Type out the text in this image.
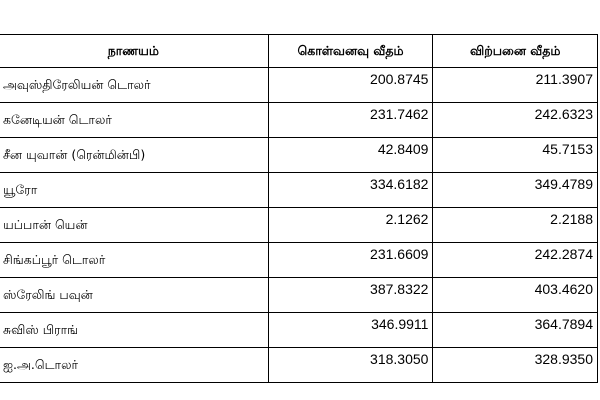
நாணயம்	கொள்வனவு வீதம்	விற்பனை வீதம்
அவுஸ்திரேலியன் டொலர்	200.8745	211.3907
கனேடியன் டொலர்	231.7462	242.6323
சீன யுவான் (ரென்மின்பி)	42.8409	45.7153
யூரோ	334.6182	349.4789
யப்பான் யென்	2.1262	2.2188
சிங்கப்பூர் டொலர்	231.6609	242.2874
ஸ்ரேலிங் பவுன்	387.8322	403.4620
சுவிஸ் பிராங்	346.9911	364.7894
ஐ.அ.டொலர்	318.3050	328.9350
